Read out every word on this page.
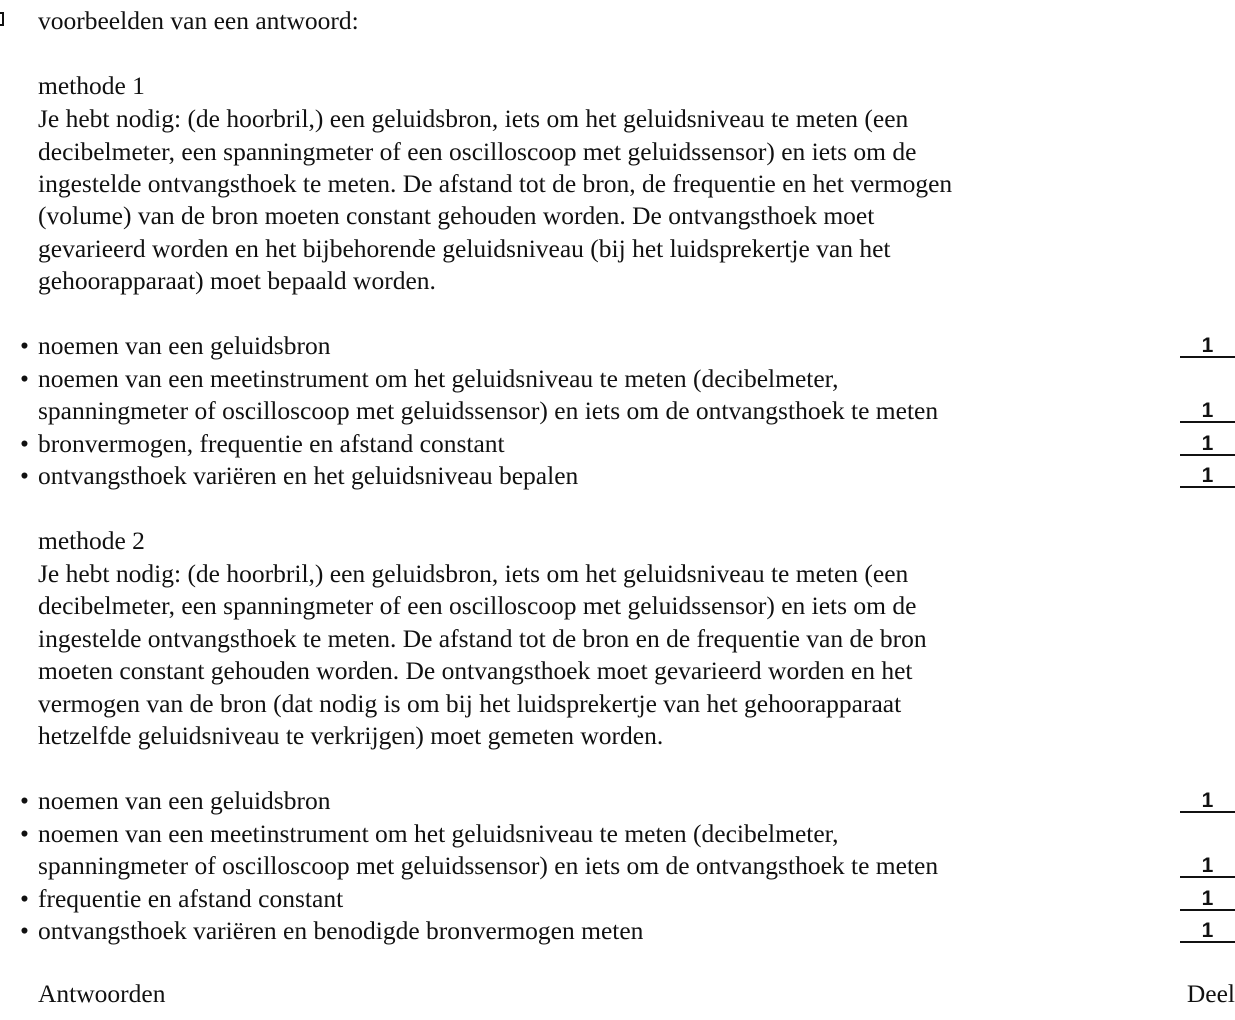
voorbeelden van een antwoord:
methode 1
Je hebt nodig: (de hoorbril,) een geluidsbron, iets om het geluidsniveau te meten (een
decibelmeter, een spanningmeter of een oscilloscoop met geluidssensor) en iets om de
ingestelde ontvangsthoek te meten. De afstand tot de bron, de frequentie en het vermogen
(volume) van de bron moeten constant gehouden worden. De ontvangsthoek moet
gevarieerd worden en het bijbehorende geluidsniveau (bij het luidsprekertje van het
gehoorapparaat) moet bepaald worden.
• noemen van een geluidsbron	1
• noemen van een meetinstrument om het geluidsniveau te meten (decibelmeter,
spanningmeter of oscilloscoop met geluidssensor) en iets om de ontvangsthoek te meten	1
• bronvermogen, frequentie en afstand constant	1
• ontvangsthoek variëren en het geluidsniveau bepalen	1
methode 2
Je hebt nodig: (de hoorbril,) een geluidsbron, iets om het geluidsniveau te meten (een
decibelmeter, een spanningmeter of een oscilloscoop met geluidssensor) en iets om de
ingestelde ontvangsthoek te meten. De afstand tot de bron en de frequentie van de bron
moeten constant gehouden worden. De ontvangsthoek moet gevarieerd worden en het
vermogen van de bron (dat nodig is om bij het luidsprekertje van het gehoorapparaat
hetzelfde geluidsniveau te verkrijgen) moet gemeten worden.
• noemen van een geluidsbron	1
• noemen van een meetinstrument om het geluidsniveau te meten (decibelmeter,
spanningmeter of oscilloscoop met geluidssensor) en iets om de ontvangsthoek te meten	1
• frequentie en afstand constant	1
• ontvangsthoek variëren en benodigde bronvermogen meten	1
Antwoorden	Deel
